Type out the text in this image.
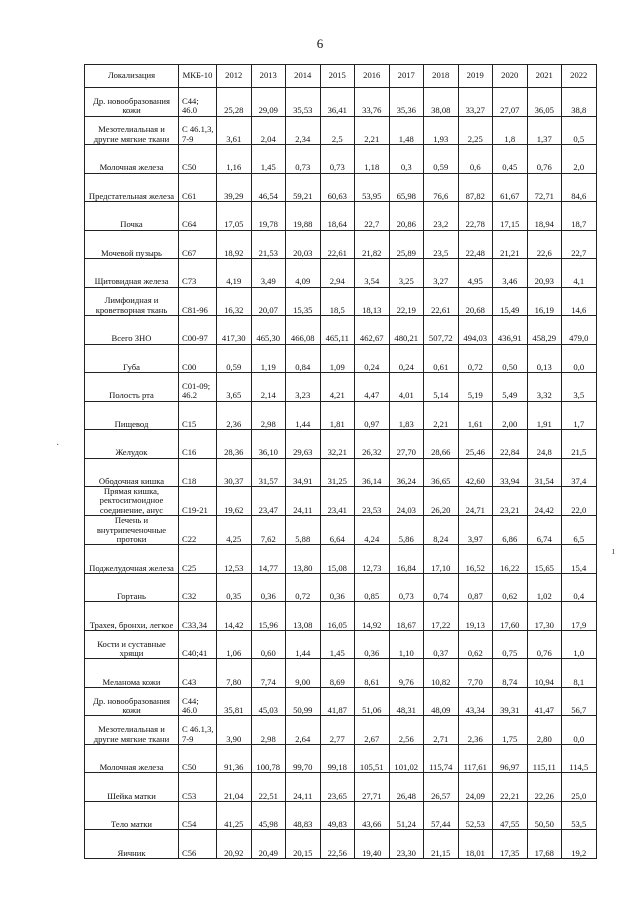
6
Локализация	МКБ-10	2012	2013	2014	2015	2016	2017	2018	2019	2020	2021	2022
Др. новообразования кожи	C44; 46.0	25,28	29,09	35,53	36,41	33,76	35,36	38,08	33,27	27,07	36,05	38,8
Мезотелиальная и другие мягкие ткани	C 46.1,3, 7-9	3,61	2,04	2,34	2,5	2,21	1,48	1,93	2,25	1,8	1,37	0,5
Молочная железа	C50	1,16	1,45	0,73	0,73	1,18	0,3	0,59	0,6	0,45	0,76	2,0
Предстательная железа	C61	39,29	46,54	59,21	60,63	53,95	65,98	76,6	87,82	61,67	72,71	84,6
Почка	C64	17,05	19,78	19,88	18,64	22,7	20,86	23,2	22,78	17,15	18,94	18,7
Мочевой пузырь	C67	18,92	21,53	20,03	22,61	21,82	25,89	23,5	22,48	21,21	22,6	22,7
Щитовидная железа	C73	4,19	3,49	4,09	2,94	3,54	3,25	3,27	4,95	3,46	20,93	4,1
Лимфоидная и кроветворная ткань	C81-96	16,32	20,07	15,35	18,5	18,13	22,19	22,61	20,68	15,49	16,19	14,6
Всего ЗНО	C00-97	417,30	465,30	466,08	465,11	462,67	480,21	507,72	494,03	436,91	458,29	479,0
Губа	C00	0,59	1,19	0,84	1,09	0,24	0,24	0,61	0,72	0,50	0,13	0,0
Полость рта	C01-09; 46.2	3,65	2,14	3,23	4,21	4,47	4,01	5,14	5,19	5,49	3,32	3,5
Пищевод	C15	2,36	2,98	1,44	1,81	0,97	1,83	2,21	1,61	2,00	1,91	1,7
Желудок	C16	28,36	36,10	29,63	32,21	26,32	27,70	28,66	25,46	22,84	24,8	21,5
Ободочная кишка	C18	30,37	31,57	34,91	31,25	36,14	36,24	36,65	42,60	33,94	31,54	37,4
Прямая кишка, ректосигмоидное соединение, анус	C19-21	19,62	23,47	24,11	23,41	23,53	24,03	26,20	24,71	23,21	24,42	22,0
Печень и внутрипеченочные протоки	C22	4,25	7,62	5,88	6,64	4,24	5,86	8,24	3,97	6,86	6,74	6,5
Поджелудочная железа	C25	12,53	14,77	13,80	15,08	12,73	16,84	17,10	16,52	16,22	15,65	15,4
Гортань	C32	0,35	0,36	0,72	0,36	0,85	0,73	0,74	0,87	0,62	1,02	0,4
Трахея, бронхи, легкое	C33,34	14,42	15,96	13,08	16,05	14,92	18,67	17,22	19,13	17,60	17,30	17,9
Кости и суставные хрящи	C40;41	1,06	0,60	1,44	1,45	0,36	1,10	0,37	0,62	0,75	0,76	1,0
Меланома кожи	C43	7,80	7,74	9,00	8,69	8,61	9,76	10,82	7,70	8,74	10,94	8,1
Др. новообразования кожи	C44; 46.0	35,81	45,03	50,99	41,87	51,06	48,31	48,09	43,34	39,31	41,47	56,7
Мезотелиальная и другие мягкие ткани	C 46.1,3, 7-9	3,90	2,98	2,64	2,77	2,67	2,56	2,71	2,36	1,75	2,80	0,0
Молочная железа	C50	91,36	100,78	99,70	99,18	105,51	101,02	115,74	117,61	96,97	115,11	114,5
Шейка матки	C53	21,04	22,51	24,11	23,65	27,71	26,48	26,57	24,09	22,21	22,26	25,0
Тело матки	C54	41,25	45,98	48,83	49,83	43,66	51,24	57,44	52,53	47,55	50,50	53,5
Яичник	C56	20,92	20,49	20,15	22,56	19,40	23,30	21,15	18,01	17,35	17,68	19,2
·
ı
